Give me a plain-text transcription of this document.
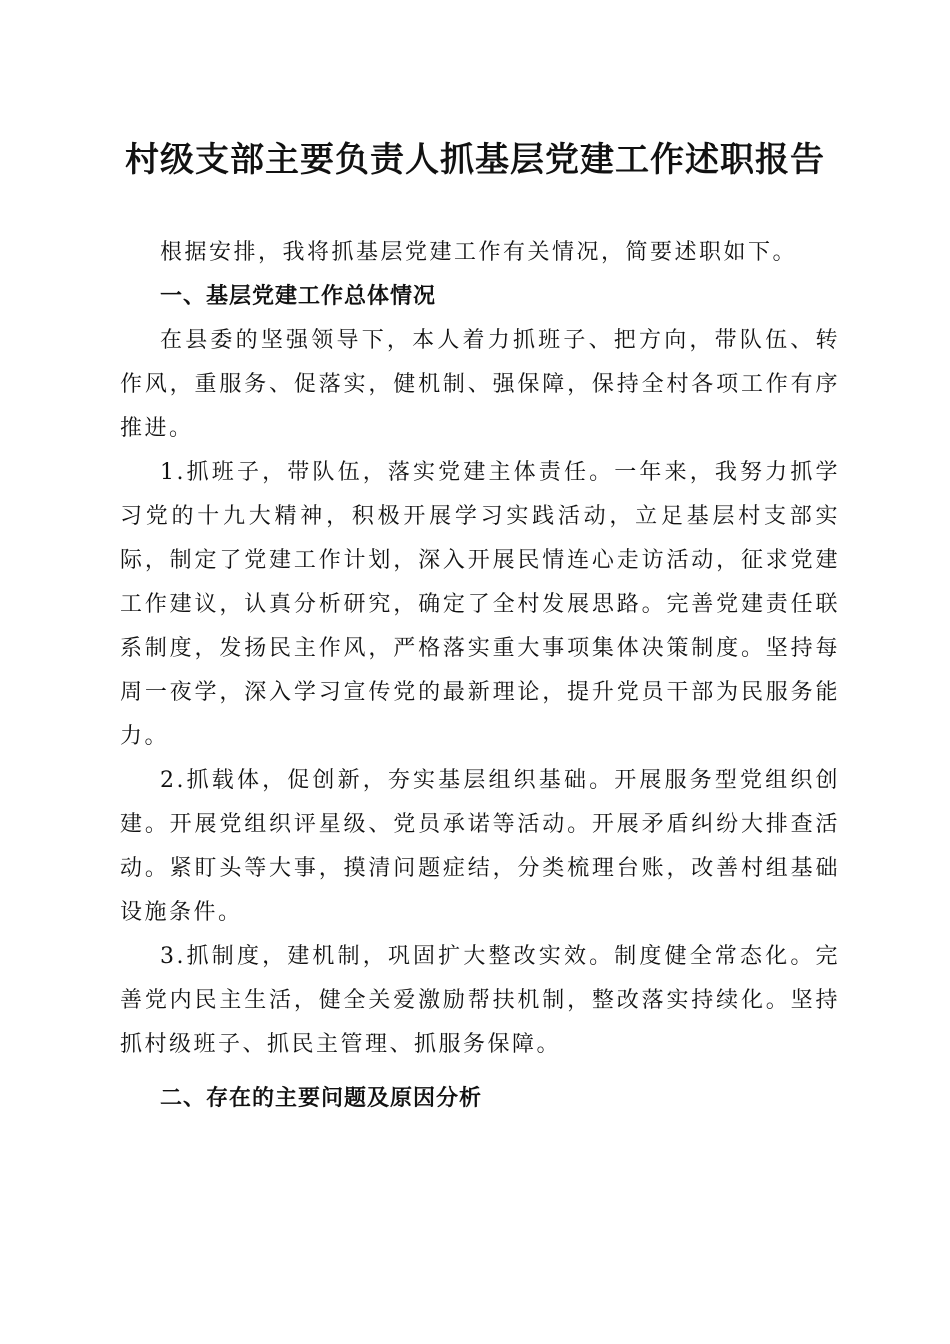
村级支部主要负责人抓基层党建工作述职报告

根据安排，我将抓基层党建工作有关情况，简要述职如下。

一、基层党建工作总体情况

在县委的坚强领导下，本人着力抓班子、把方向，带队伍、转作风，重服务、促落实，健机制、强保障，保持全村各项工作有序推进。

1.抓班子，带队伍，落实党建主体责任。一年来，我努力抓学习党的十九大精神，积极开展学习实践活动，立足基层村支部实际，制定了党建工作计划，深入开展民情连心走访活动，征求党建工作建议，认真分析研究，确定了全村发展思路。完善党建责任联系制度，发扬民主作风，严格落实重大事项集体决策制度。坚持每周一夜学，深入学习宣传党的最新理论，提升党员干部为民服务能力。

2.抓载体，促创新，夯实基层组织基础。开展服务型党组织创建。开展党组织评星级、党员承诺等活动。开展矛盾纠纷大排查活动。紧盯头等大事，摸清问题症结，分类梳理台账，改善村组基础设施条件。

3.抓制度，建机制，巩固扩大整改实效。制度健全常态化。完善党内民主生活，健全关爱激励帮扶机制，整改落实持续化。坚持抓村级班子、抓民主管理、抓服务保障。

二、存在的主要问题及原因分析
